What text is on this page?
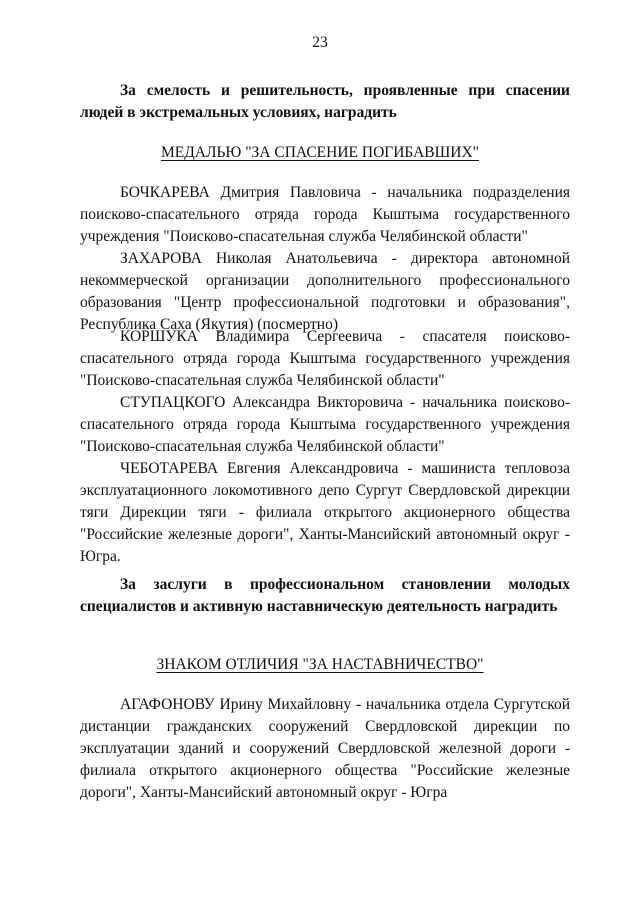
23

За смелость и решительность, проявленные при спасении людей в экстремальных условиях, наградить

МЕДАЛЬЮ "ЗА СПАСЕНИЕ ПОГИБАВШИХ"

БОЧКАРЕВА Дмитрия Павловича - начальника подразделения поисково-спасательного отряда города Кыштыма государственного учреждения "Поисково-спасательная служба Челябинской области"

ЗАХАРОВА Николая Анатольевича - директора автономной некоммерческой организации дополнительного профессионального образования "Центр профессиональной подготовки и образования", Республика Саха (Якутия) (посмертно)

КОРШУКА Владимира Сергеевича - спасателя поисково-спасательного отряда города Кыштыма государственного учреждения "Поисково-спасательная служба Челябинской области"

СТУПАЦКОГО Александра Викторовича - начальника поисково-спасательного отряда города Кыштыма государственного учреждения "Поисково-спасательная служба Челябинской области"

ЧЕБОТАРЕВА Евгения Александровича - машиниста тепловоза эксплуатационного локомотивного депо Сургут Свердловской дирекции тяги Дирекции тяги - филиала открытого акционерного общества "Российские железные дороги", Ханты-Мансийский автономный округ - Югра.

За заслуги в профессиональном становлении молодых специалистов и активную наставническую деятельность наградить

ЗНАКОМ ОТЛИЧИЯ "ЗА НАСТАВНИЧЕСТВО"

АГАФОНОВУ Ирину Михайловну - начальника отдела Сургутской дистанции гражданских сооружений Свердловской дирекции по эксплуатации зданий и сооружений Свердловской железной дороги - филиала открытого акционерного общества "Российские железные дороги", Ханты-Мансийский автономный округ - Югра
